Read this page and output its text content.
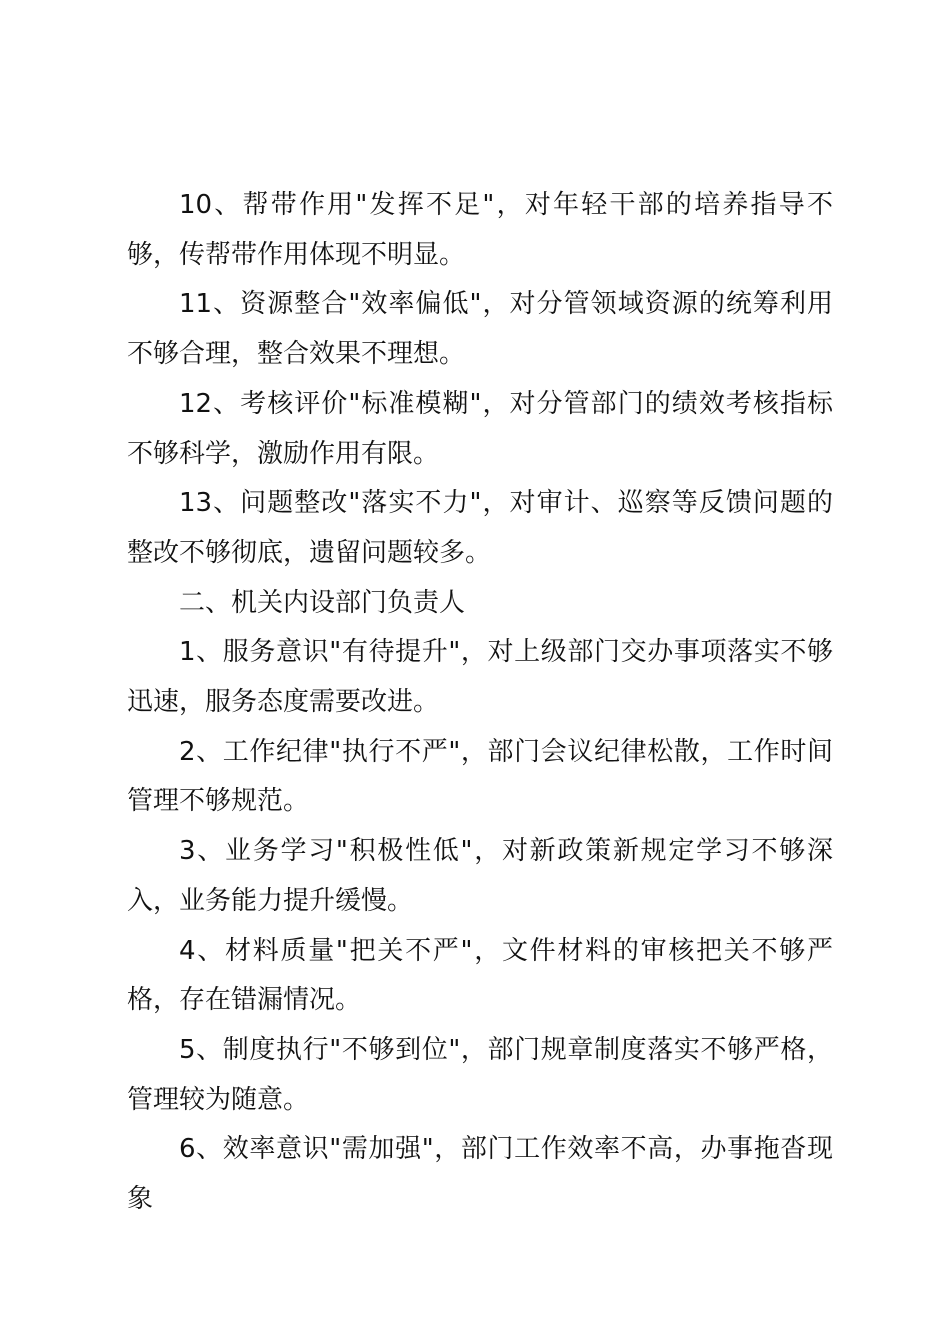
10、帮带作用"发挥不足"，对年轻干部的培养指导不够，传帮带作用体现不明显。

11、资源整合"效率偏低"，对分管领域资源的统筹利用不够合理，整合效果不理想。

12、考核评价"标准模糊"，对分管部门的绩效考核指标不够科学，激励作用有限。

13、问题整改"落实不力"，对审计、巡察等反馈问题的整改不够彻底，遗留问题较多。

二、机关内设部门负责人

1、服务意识"有待提升"，对上级部门交办事项落实不够迅速，服务态度需要改进。

2、工作纪律"执行不严"，部门会议纪律松散，工作时间管理不够规范。

3、业务学习"积极性低"，对新政策新规定学习不够深入，业务能力提升缓慢。

4、材料质量"把关不严"，文件材料的审核把关不够严格，存在错漏情况。

5、制度执行"不够到位"，部门规章制度落实不够严格，管理较为随意。

6、效率意识"需加强"，部门工作效率不高，办事拖沓现象
